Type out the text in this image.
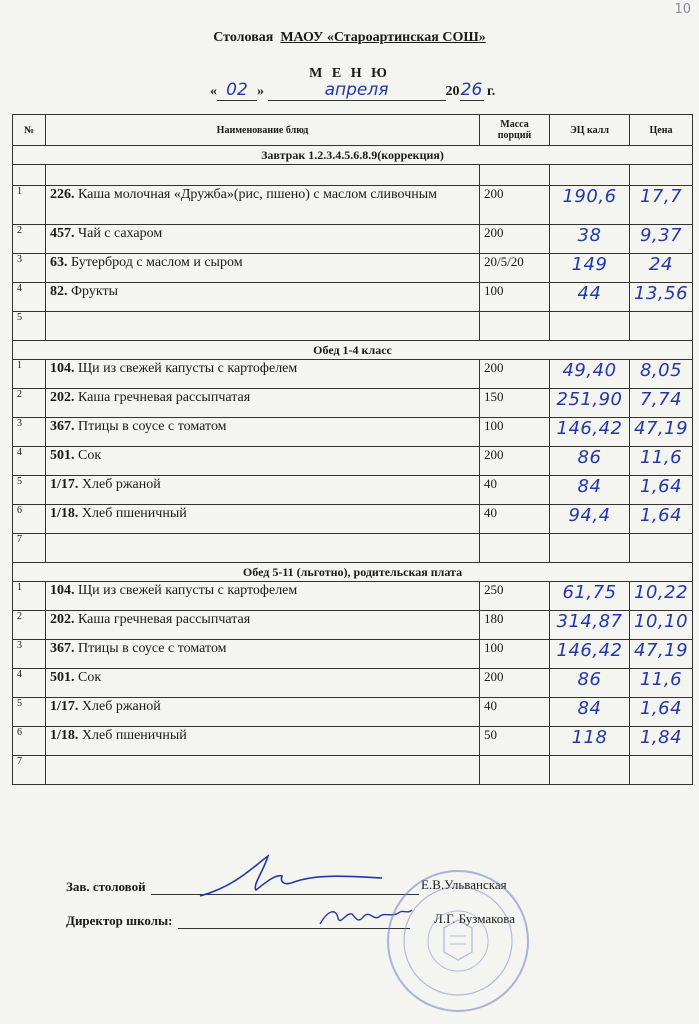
10
Столовая МАОУ «Староартинская СОШ»
М Е Н Ю
« 02 »	апреля	2026 г.
№	Наименование блюд	Масса порций	ЭЦ калл	Цена
Завтрак 1.2.3.4.5.6.8.9(коррекция)				

1	226. Каша молочная «Дружба»(рис, пшено) с маслом сливочным	200	190,6	17,7
2	457. Чай с сахаром	200	38	9,37
3	63. Бутерброд с маслом и сыром	20/5/20	149	24
4	82. Фрукты	100	44	13,56
5				
Обед 1-4 класс				
1	104. Щи из свежей капусты с картофелем	200	49,40	8,05
2	202. Каша гречневая рассыпчатая	150	251,90	7,74
3	367. Птицы в соусе с томатом	100	146,42	47,19
4	501. Сок	200	86	11,6
5	1/17. Хлеб ржаной	40	84	1,64
6	1/18. Хлеб пшеничный	40	94,4	1,64
7				
Обед 5-11 (льготно), родительская плата				
1	104. Щи из свежей капусты с картофелем	250	61,75	10,22
2	202. Каша гречневая рассыпчатая	180	314,87	10,10
3	367. Птицы в соусе с томатом	100	146,42	47,19
4	501. Сок	200	86	11,6
5	1/17. Хлеб ржаной	40	84	1,64
6	1/18. Хлеб пшеничный	50	118	1,84
7				
Зав. столовой	Е.В.Ульванская
Директор школы:	Л.Г. Бузмакова
